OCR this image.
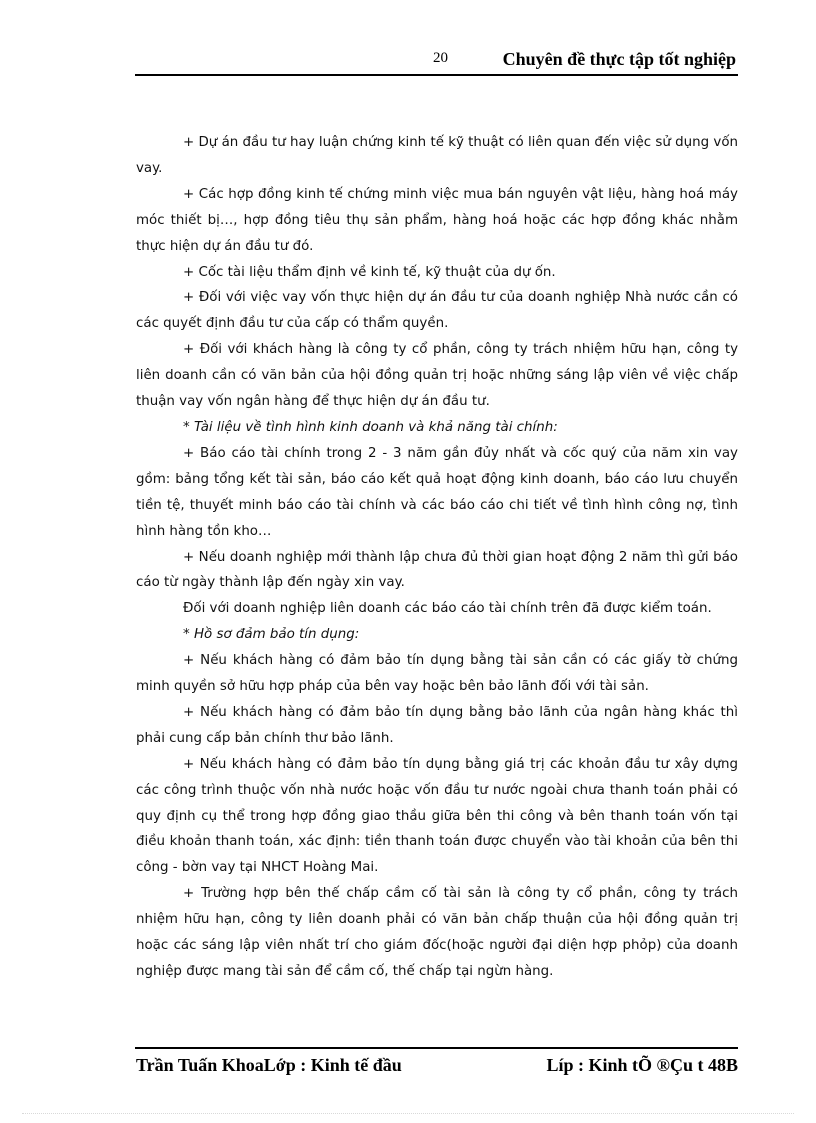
20	Chuyên đề thực tập tốt nghiệp

+ Dự án đầu tư hay luận chứng kinh tế kỹ thuật có liên quan đến việc sử dụng vốn vay.

+ Các hợp đồng kinh tế chứng minh việc mua bán nguyên vật liệu, hàng hoá máy móc thiết bị…, hợp đồng tiêu thụ sản phẩm, hàng hoá hoặc các hợp đồng khác nhằm thực hiện dự án đầu tư đó.

+ Cốc tài liệu thẩm định về kinh tế, kỹ thuật của dự ốn.

+ Đối với việc vay vốn thực hiện dự án đầu tư của doanh nghiệp Nhà nước cần có các quyết định đầu tư của cấp có thẩm quyền.

+ Đối với khách hàng là công ty cổ phần, công ty trách nhiệm hữu hạn, công ty liên doanh cần có văn bản của hội đồng quản trị hoặc những sáng lập viên về việc chấp thuận vay vốn ngân hàng để thực hiện dự án đầu tư.

* Tài liệu về tình hình kinh doanh và khả năng tài chính:

+ Báo cáo tài chính trong 2 - 3 năm gần đủy nhất và cốc quý của năm xin vay gồm: bảng tổng kết tài sản, báo cáo kết quả hoạt động kinh doanh, báo cáo lưu chuyển tiền tệ, thuyết minh báo cáo tài chính và các báo cáo chi tiết về tình hình công nợ, tình hình hàng tồn kho…

+ Nếu doanh nghiệp mới thành lập chưa đủ thời gian hoạt động 2 năm thì gửi báo cáo từ ngày thành lập đến ngày xin vay.

Đối với doanh nghiệp liên doanh các báo cáo tài chính trên đã được kiểm toán.

* Hồ sơ đảm bảo tín dụng:

+ Nếu khách hàng có đảm bảo tín dụng bằng tài sản cần có các giấy tờ chứng minh quyền sở hữu hợp pháp của bên vay hoặc bên bảo lãnh đối với tài sản.

+ Nếu khách hàng có đảm bảo tín dụng bằng bảo lãnh của ngân hàng khác thì phải cung cấp bản chính thư bảo lãnh.

+ Nếu khách hàng có đảm bảo tín dụng bằng giá trị các khoản đầu tư xây dựng các công trình thuộc vốn nhà nước hoặc vốn đầu tư nước ngoài chưa thanh toán phải có quy định cụ thể trong hợp đồng giao thầu giữa bên thi công và bên thanh toán vốn tại điều khoản thanh toán, xác định: tiền thanh toán được chuyển vào tài khoản của bên thi công - bờn vay tại NHCT Hoàng Mai.

+ Trường hợp bên thế chấp cầm cố tài sản là công ty cổ phần, công ty trách nhiệm hữu hạn, công ty liên doanh phải có văn bản chấp thuận của hội đồng quản trị hoặc các sáng lập viên nhất trí cho giám đốc(hoặc người đại diện hợp phỏp) của doanh nghiệp được mang tài sản để cầm cố, thế chấp tại ngừn hàng.

Trần Tuấn KhoaLớp : Kinh tế đầu	Líp : Kinh tÕ ®Çu t 48B
